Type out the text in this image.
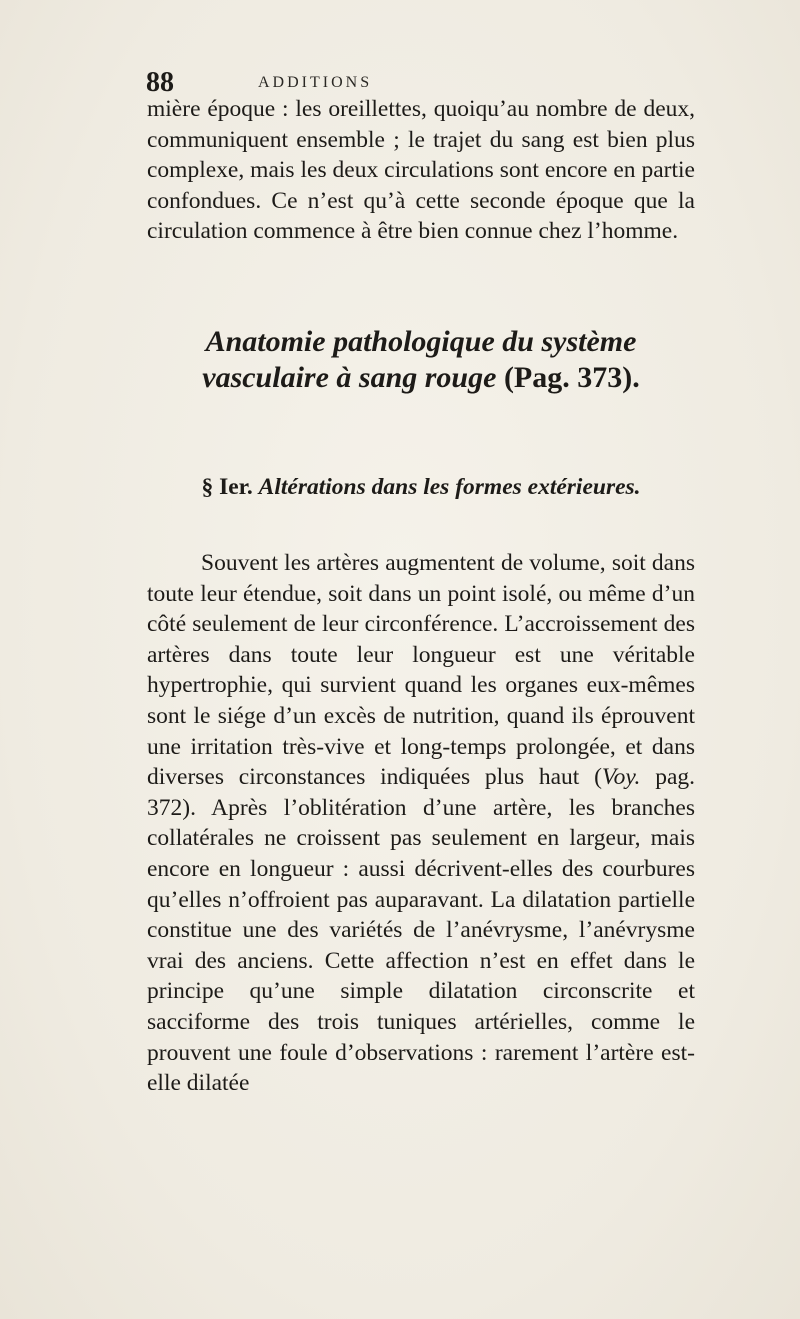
88	ADDITIONS

mière époque : les oreillettes, quoiqu’au nombre de deux, communiquent ensemble ; le trajet du sang est bien plus complexe, mais les deux circulations sont encore en partie confondues. Ce n’est qu’à cette seconde époque que la circulation commence à être bien connue chez l’homme.

Anatomie pathologique du système vasculaire à sang rouge (Pag. 373).
§ Ier. Altérations dans les formes extérieures.

Souvent les artères augmentent de volume, soit dans toute leur étendue, soit dans un point isolé, ou même d’un côté seulement de leur circonférence. L’accroissement des artères dans toute leur longueur est une véritable hypertrophie, qui survient quand les organes eux-mêmes sont le siége d’un excès de nutrition, quand ils éprouvent une irritation très-vive et long-temps prolongée, et dans diverses circonstances indiquées plus haut (Voy. pag. 372). Après l’oblitération d’une artère, les branches collatérales ne croissent pas seulement en largeur, mais encore en longueur : aussi décrivent-elles des courbures qu’elles n’offroient pas auparavant. La dilatation partielle constitue une des variétés de l’anévrysme, l’anévrysme vrai des anciens. Cette affection n’est en effet dans le principe qu’une simple dilatation circonscrite et sacciforme des trois tuniques artérielles, comme le prouvent une foule d’observations : rarement l’artère est-elle dilatée
